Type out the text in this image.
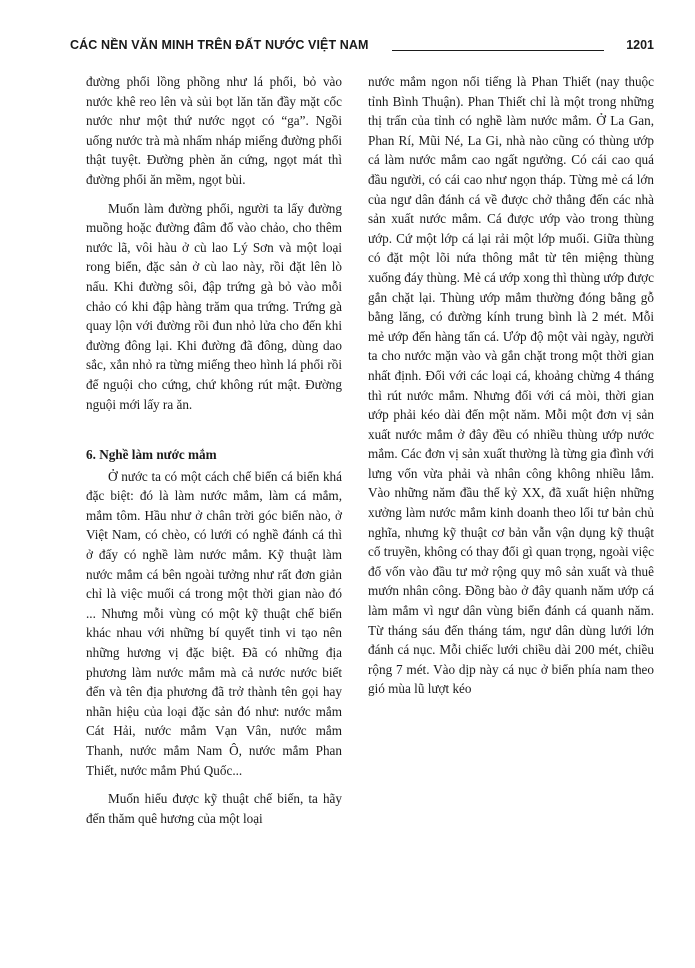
CÁC NỀN VĂN MINH TRÊN ĐẤT NƯỚC VIỆT NAM	1201

đường phổi lồng phồng như lá phổi, bỏ vào nước khê reo lên và sủi bọt lăn tăn đầy mặt cốc nước như một thứ nước ngọt có “ga”. Ngồi uống nước trà mà nhấm nháp miếng đường phổi thật tuyệt. Đường phèn ăn cứng, ngọt mát thì đường phổi ăn mềm, ngọt bùi.

Muốn làm đường phổi, người ta lấy đường muồng hoặc đường đâm đổ vào chảo, cho thêm nước lã, vôi hàu ở cù lao Lý Sơn và một loại rong biển, đặc sản ở cù lao này, rồi đặt lên lò nấu. Khi đường sôi, đập trứng gà bỏ vào mỗi chảo có khi đập hàng trăm qua trứng. Trứng gà quay lộn với đường rồi đun nhỏ lửa cho đến khi đường đông lại. Khi đường đã đông, dùng dao sắc, xắn nhỏ ra từng miếng theo hình lá phổi rồi để nguội cho cứng, chứ không rút mật. Đường nguội mới lấy ra ăn.

6. Nghề làm nước mắm

Ở nước ta có một cách chế biến cá biển khá đặc biệt: đó là làm nước mắm, làm cá mắm, mắm tôm. Hầu như ở chân trời góc biển nào, ở Việt Nam, có chèo, có lưới có nghề đánh cá thì ở đấy có nghề làm nước mắm. Kỹ thuật làm nước mắm cá bên ngoài tưởng như rất đơn giản chỉ là việc muối cá trong một thời gian nào đó ... Nhưng mỗi vùng có một kỹ thuật chế biến khác nhau với những bí quyết tinh vi tạo nên những hương vị đặc biệt. Đã có những địa phương làm nước mắm mà cả nước nước biết đến và tên địa phương đã trở thành tên gọi hay nhãn hiệu của loại đặc sản đó như: nước mắm Cát Hải, nước mắm Vạn Vân, nước mắm Thanh, nước mắm Nam Ô, nước mắm Phan Thiết, nước mắm Phú Quốc...

Muốn hiểu được kỹ thuật chế biến, ta hãy đến thăm quê hương của một loại

nước mắm ngon nổi tiếng là Phan Thiết (nay thuộc tỉnh Bình Thuận). Phan Thiết chỉ là một trong những thị trấn của tỉnh có nghề làm nước mắm. Ở La Gan, Phan Rí, Mũi Né, La Gi, nhà nào cũng có thùng ướp cá làm nước mắm cao ngất ngưởng. Có cái cao quá đầu người, có cái cao như ngọn tháp. Từng mẻ cá lớn của ngư dân đánh cá về được chở thẳng đến các nhà sản xuất nước mắm. Cá được ướp vào trong thùng ướp. Cứ một lớp cá lại rải một lớp muối. Giữa thùng có đặt một lõi nứa thông mắt từ tên miệng thùng xuống đáy thùng. Mẻ cá ướp xong thì thùng ướp được gắn chặt lại. Thùng ướp mắm thường đóng bằng gỗ bằng lăng, có đường kính trung bình là 2 mét. Mỗi mẻ ướp đến hàng tấn cá. Ướp độ một vài ngày, người ta cho nước mặn vào và gắn chặt trong một thời gian nhất định. Đối với các loại cá, khoảng chừng 4 tháng thì rút nước mắm. Nhưng đối với cá mòi, thời gian ướp phải kéo dài đến một năm. Mỗi một đơn vị sản xuất nước mắm ở đây đều có nhiều thùng ướp nước mắm. Các đơn vị sản xuất thường là từng gia đình với lưng vốn vừa phải và nhân công không nhiều lắm. Vào những năm đầu thế kỷ XX, đã xuất hiện những xưởng làm nước mắm kinh doanh theo lối tư bản chủ nghĩa, nhưng kỹ thuật cơ bản vẫn vận dụng kỹ thuật cổ truyền, không có thay đổi gì quan trọng, ngoài việc đổ vốn vào đầu tư mở rộng quy mô sản xuất và thuê mướn nhân công. Đồng bào ở đây quanh năm ướp cá làm mắm vì ngư dân vùng biển đánh cá quanh năm. Từ tháng sáu đến tháng tám, ngư dân dùng lưới lớn đánh cá nục. Mỗi chiếc lưới chiều dài 200 mét, chiều rộng 7 mét. Vào dịp này cá nục ở biển phía nam theo gió mùa lũ lượt kéo
